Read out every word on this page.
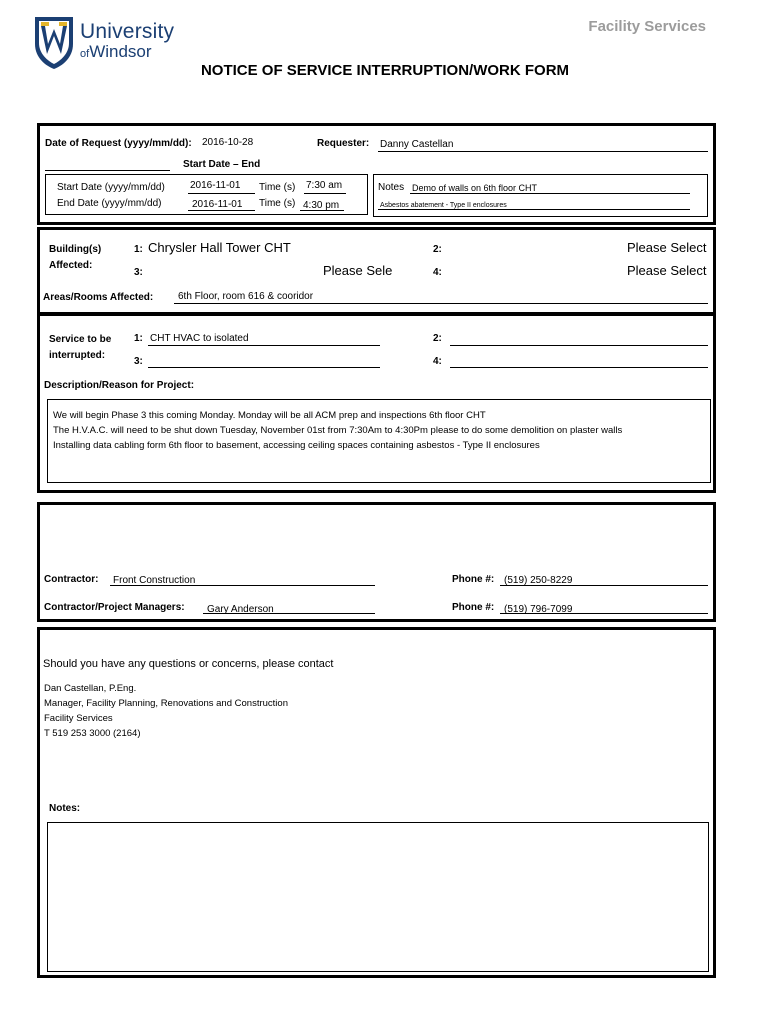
University
ofWindsor
Facility Services
NOTICE OF SERVICE INTERRUPTION/WORK FORM
Date of Request (yyyy/mm/dd): 2016-10-28	Requester: Danny Castellan
Start Date – End
Start Date (yyyy/mm/dd)	2016-11-01 Time (s) 7:30 am
End Date (yyyy/mm/dd)	2016-11-01 Time (s) 4:30 pm
Notes Demo of walls on 6th floor CHT
Asbestos abatement - Type II enclosures
Building(s)
Affected:
1: Chrysler Hall Tower CHT	2:	Please Select
3:	Please Sele	4:	Please Select
Areas/Rooms Affected: 6th Floor, room 616 & cooridor
Service to be
interrupted:
1: CHT HVAC to isolated	2:
3:	4:
Description/Reason for Project:
We will begin Phase 3 this coming Monday. Monday will be all ACM prep and inspections 6th floor CHT
The H.V.A.C. will need to be shut down Tuesday, November 01st from 7:30Am to 4:30Pm please to do some demolition on plaster walls
Installing data cabling form 6th floor to basement, accessing ceiling spaces containing asbestos - Type II enclosures
Contractor: Front Construction	Phone #: (519) 250-8229
Contractor/Project Managers: Gary Anderson	Phone #: (519) 796-7099
Should you have any questions or concerns, please contact
Dan Castellan, P.Eng.
Manager, Facility Planning, Renovations and Construction
Facility Services
T 519 253 3000 (2164)
Notes:
